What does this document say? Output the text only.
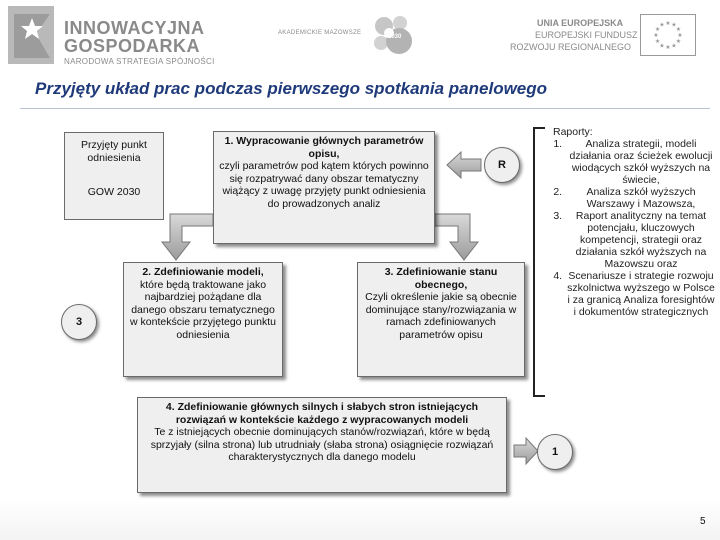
INNOWACYJNA
GOSPODARKA
NARODOWA STRATEGIA SPÓJNOŚCI
AKADEMICKIE MAZOWSZE
2030
UNIA EUROPEJSKA
EUROPEJSKI FUNDUSZ
ROZWOJU REGIONALNEGO
★ ★
★
★
★
★
★
★
★
★
★
★
Przyjęty układ prac podczas pierwszego spotkania panelowego
Przyjęty punkt odniesienia
GOW 2030
1. Wypracowanie głównych parametrów opisu,
czyli parametrów pod kątem których powinno się rozpatrywać dany obszar tematyczny wiążący z uwagę przyjęty punkt odniesienia do prowadzonych analiz
2. Zdefiniowanie modeli,
które będą traktowane jako najbardziej pożądane dla danego obszaru tematycznego w kontekście przyjętego punktu odniesienia
3. Zdefiniowanie stanu obecnego,
Czyli określenie jakie są obecnie dominujące stany/rozwiązania w ramach zdefiniowanych parametrów opisu
4. Zdefiniowanie głównych silnych i słabych stron istniejących rozwiązań w kontekście każdego z wypracowanych modeli
Te z istniejących obecnie dominujących stanów/rozwiązań, które w będą sprzyjały (silna strona) lub utrudniały (słaba strona) osiągnięcie rozwiązań charakterystycznych dla danego modelu
R
3
1
Raporty:
1. Analiza strategii, modeli działania oraz ścieżek ewolucji wiodących szkół wyższych na świecie,
2. Analiza szkół wyższych Warszawy i Mazowsza,
3. Raport analityczny na temat potencjału, kluczowych kompetencji, strategii oraz działania szkół wyższych na Mazowszu oraz
4. Scenariusze i strategie rozwoju szkolnictwa wyższego w Polsce i za granicą Analiza foresightów i dokumentów strategicznych
5
